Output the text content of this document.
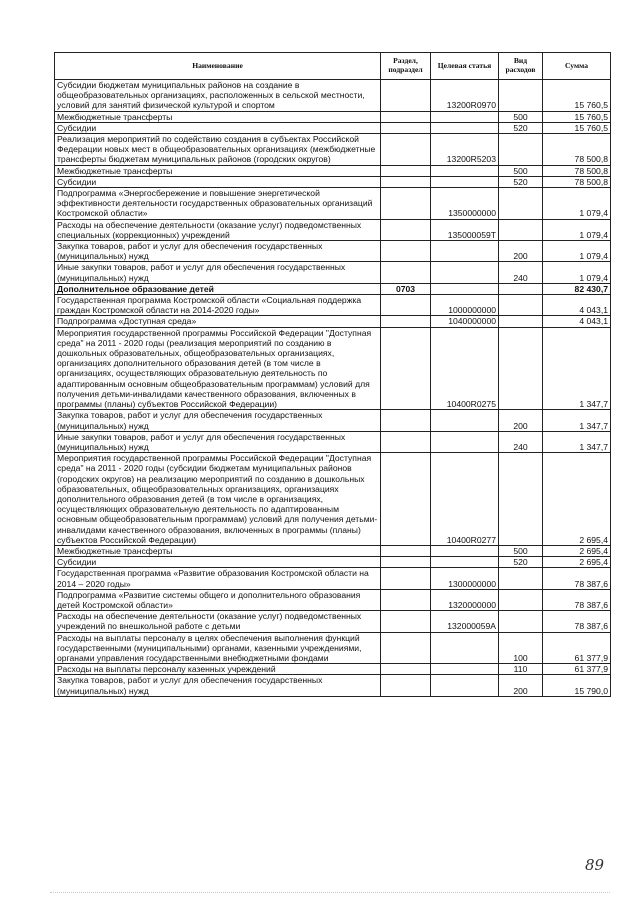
Наименование	Раздел, подраздел	Целевая статья	Вид расходов	Сумма
Субсидии бюджетам муниципальных районов на создание в общеобразовательных организациях, расположенных в сельской местности, условий для занятий физической культурой и спортом		13200R0970		15 760,5
Межбюджетные трансферты			500	15 760,5
Субсидии			520	15 760,5
Реализация мероприятий по содействию создания в субъектах Российской Федерации новых мест в общеобразовательных организациях (межбюджетные трансферты бюджетам муниципальных районов (городских округов)		13200R5203		78 500,8
Межбюджетные трансферты			500	78 500,8
Субсидии			520	78 500,8
Подпрограмма «Энергосбережение и повышение энергетической эффективности деятельности государственных образовательных организаций Костромской области»		1350000000		1 079,4
Расходы на обеспечение деятельности (оказание услуг) подведомственных специальных (коррекционных) учреждений		135000059Т		1 079,4
Закупка товаров, работ и услуг для обеспечения государственных (муниципальных) нужд			200	1 079,4
Иные закупки товаров, работ и услуг для обеспечения государственных (муниципальных) нужд			240	1 079,4
Дополнительное образование детей	0703			82 430,7
Государственная программа Костромской области «Социальная поддержка граждан Костромской области на 2014-2020 годы»		1000000000		4 043,1
Подпрограмма «Доступная среда»		1040000000		4 043,1
Мероприятия государственной программы Российской Федерации "Доступная среда" на 2011 - 2020 годы (реализация мероприятий по созданию в дошкольных образовательных, общеобразовательных организациях, организациях дополнительного образования детей (в том числе в организациях, осуществляющих образовательную деятельность по адаптированным основным общеобразовательным программам) условий для получения детьми-инвалидами качественного образования, включенных в программы (планы) субъектов Российской Федерации)		10400R0275		1 347,7
Закупка товаров, работ и услуг для обеспечения государственных (муниципальных) нужд			200	1 347,7
Иные закупки товаров, работ и услуг для обеспечения государственных (муниципальных) нужд			240	1 347,7
Мероприятия государственной программы Российской Федерации "Доступная среда" на 2011 - 2020 годы (субсидии бюджетам муниципальных районов (городских округов) на реализацию мероприятий по созданию в дошкольных образовательных, общеобразовательных организациях, организациях дополнительного образования детей (в том числе в организациях, осуществляющих образовательную деятельность по адаптированным основным общеобразовательным программам) условий для получения детьми-инвалидами качественного образования, включенных в программы (планы) субъектов Российской Федерации)		10400R0277		2 695,4
Межбюджетные трансферты			500	2 695,4
Субсидии			520	2 695,4
Государственная программа «Развитие образования Костромской области на 2014 – 2020 годы»		1300000000		78 387,6
Подпрограмма «Развитие системы общего и дополнительного образования детей Костромской области»		1320000000		78 387,6
Расходы на обеспечение деятельности (оказание услуг) подведомственных учреждений по внешкольной работе с детьми		132000059А		78 387,6
Расходы на выплаты персоналу в целях обеспечения выполнения функций государственными (муниципальными) органами, казенными учреждениями, органами управления государственными внебюджетными фондами			100	61 377,9
Расходы на выплаты персоналу казенных учреждений			110	61 377,9
Закупка товаров, работ и услуг для обеспечения государственных (муниципальных) нужд			200	15 790,0
89
